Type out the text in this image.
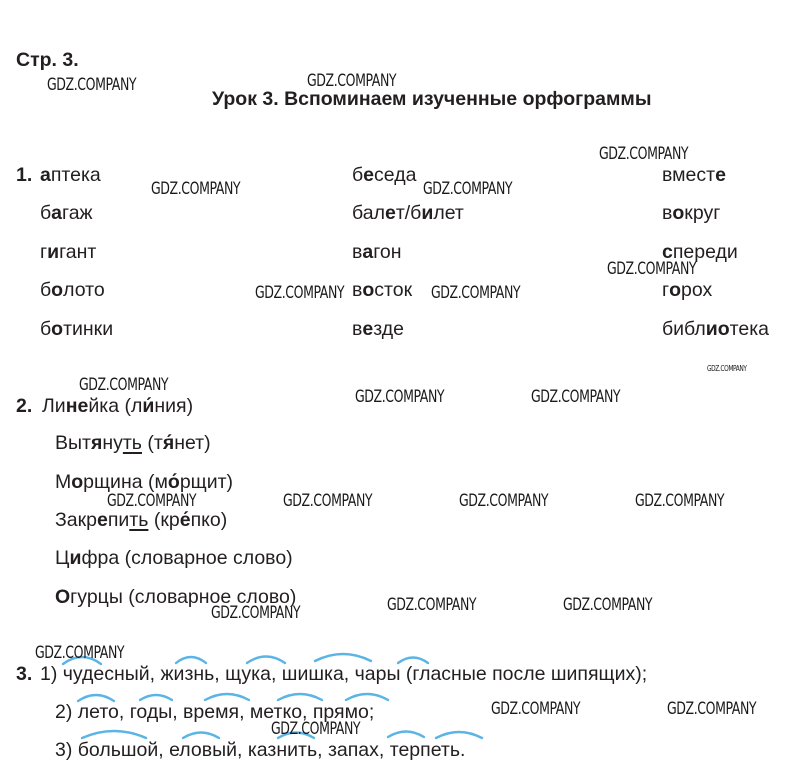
Стр. 3.
Урок 3. Вспоминаем изученные орфограммы
1. аптека
багаж
гигант
болото
ботинки
беседа
балет/билет
вагон
восток
везде
вместе
вокруг
спереди
горох
библиотека
2. Линейка (ли́ния)
Вытянуть (тя́нет)
Морщина (мо́рщит)
Закрепить (кре́пко)
Цифра (словарное слово)
Огурцы (словарное слово)
3. 1) чудесный, жизнь, щука, шишка, чары (гласные после шипящих);
2) лето, годы, время, метко, прямо;
3) большой, еловый, казнить, запах, терпеть.
GDZ.COMPANY	GDZ.COMPANY
GDZ.COMPANY
GDZ.COMPANY	GDZ.COMPANY
GDZ.COMPANY
GDZ.COMPANY	GDZ.COMPANY
GDZ.COMPANY
GDZ.COMPANY
GDZ.COMPANY	GDZ.COMPANY
GDZ.COMPANY	GDZ.COMPANY	GDZ.COMPANY	GDZ.COMPANY
GDZ.COMPANY	GDZ.COMPANY	GDZ.COMPANY
GDZ.COMPANY
GDZ.COMPANY	GDZ.COMPANY
GDZ.COMPANY
